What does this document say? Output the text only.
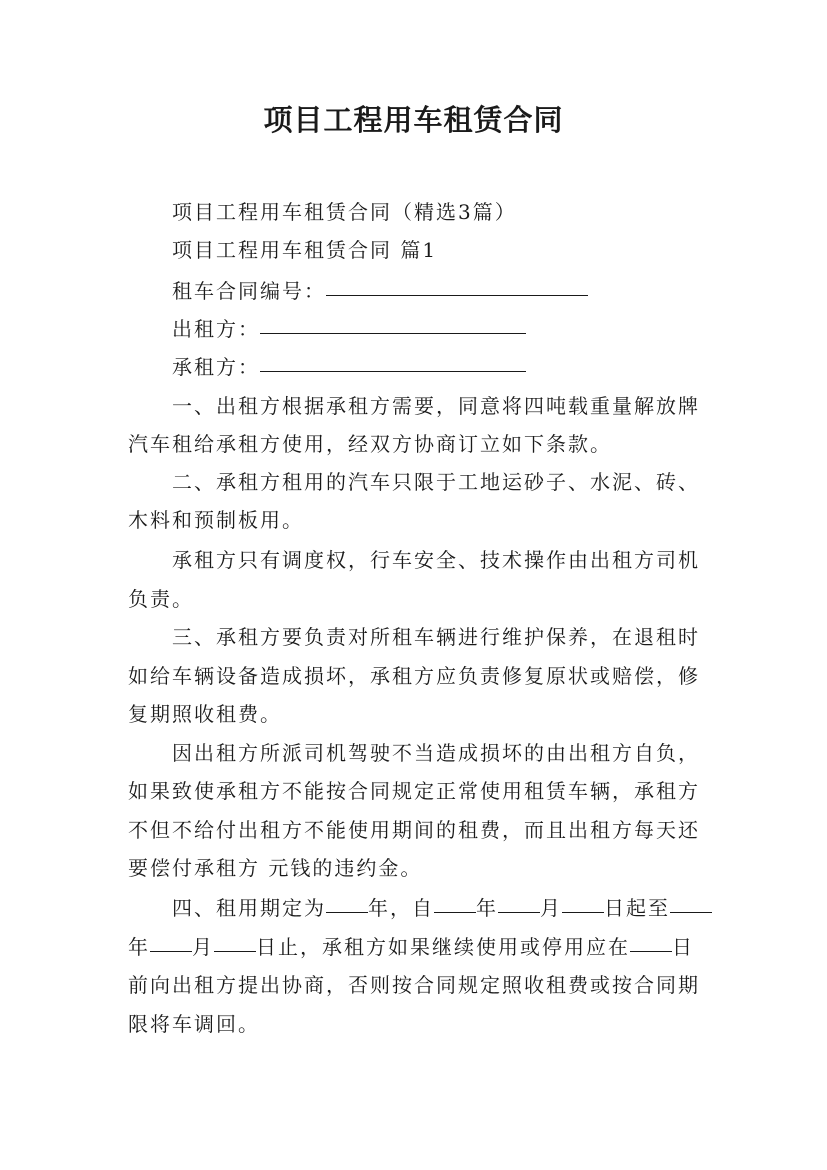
项目工程用车租赁合同
项目工程用车租赁合同（精选3篇）
项目工程用车租赁合同 篇1
租车合同编号：
出租方：
承租方：
一、出租方根据承租方需要，同意将四吨载重量解放牌
汽车租给承租方使用，经双方协商订立如下条款。
二、承租方租用的汽车只限于工地运砂子、水泥、砖、
木料和预制板用。
承租方只有调度权，行车安全、技术操作由出租方司机
负责。
三、承租方要负责对所租车辆进行维护保养，在退租时
如给车辆设备造成损坏，承租方应负责修复原状或赔偿，修
复期照收租费。
因出租方所派司机驾驶不当造成损坏的由出租方自负，
如果致使承租方不能按合同规定正常使用租赁车辆，承租方
不但不给付出租方不能使用期间的租费，而且出租方每天还
要偿付承租方 元钱的违约金。
四、租用期定为 年，自 年 月 日起至
年 月 日止，承租方如果继续使用或停用应在 日
前向出租方提出协商，否则按合同规定照收租费或按合同期
限将车调回。
